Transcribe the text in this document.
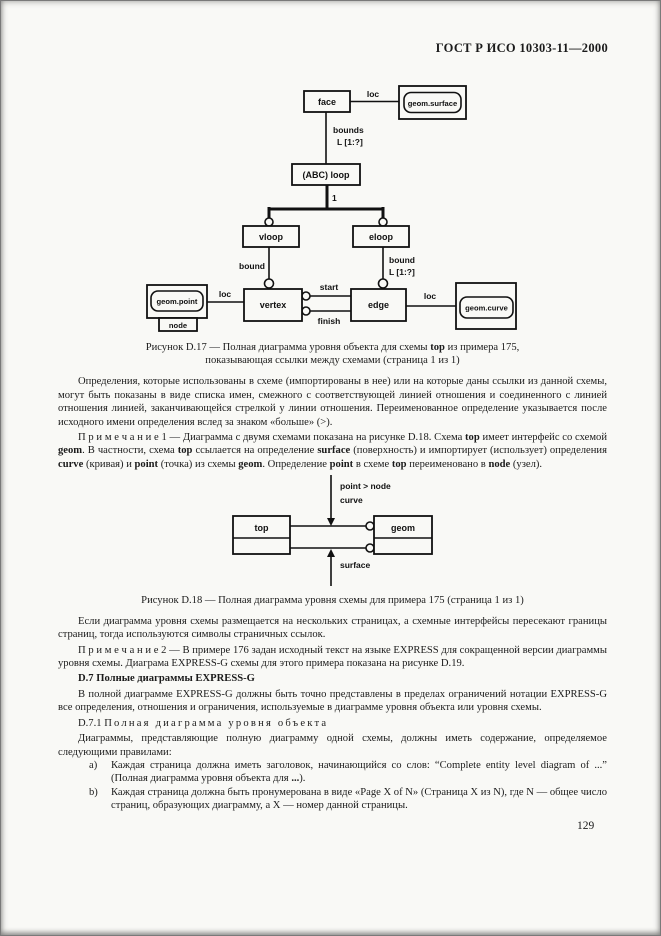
ГОСТ Р ИСО 10303-11—2000
face	geom.surface
(ABC) loop
vloop	eloop
geom.point
node
vertex	edge	geom.curve
loc
bounds
L [1:?]
1
bound
bound
L [1:?]
loc
start
finish
loc

Рисунок D.17 — Полная диаграмма уровня объекта для схемы top из примера 175,
показывающая ссылки между схемами (страница 1 из 1)

Определения, которые использованы в схеме (импортированы в нее) или на которые даны ссылки из данной схемы, могут быть показаны в виде списка имен, смежного с соответствующей линией отношения и соединенного с линией отношения линией, заканчивающейся стрелкой у линии отношения. Переименованное определение указывается после исходного имени определения вслед за знаком «больше» (>).

П р и м е ч а н и е 1 — Диаграмма с двумя схемами показана на рисунке D.18. Схема top имеет интерфейс со схемой geom. В частности, схема top ссылается на определение surface (поверхность) и импортирует (использует) определения curve (кривая) и point (точка) из схемы geom. Определение point в схеме top переименовано в node (узел).

top	geom
point > node
curve
surface

Рисунок D.18 — Полная диаграмма уровня схемы для примера 175 (страница 1 из 1)

Если диаграмма уровня схемы размещается на нескольких страницах, а схемные интерфейсы пересекают границы страниц, тогда используются символы страничных ссылок.

П р и м е ч а н и е 2 — В примере 176 задан исходный текст на языке EXPRESS для сокращенной версии диаграммы уровня схемы. Диаграма EXPRESS-G схемы для этого примера показана на рисунке D.19.

D.7 Полные диаграммы EXPRESS-G

В полной диаграмме EXPRESS-G должны быть точно представлены в пределах ограничений нотации EXPRESS-G все определения, отношения и ограничения, используемые в диаграмме уровня объекта или уровня схемы.

D.7.1 Полная диаграмма уровня объекта

Диаграммы, представляющие полную диаграмму одной схемы, должны иметь содержание, определяемое следующими правилами:

a) Каждая страница должна иметь заголовок, начинающийся со слов: “Complete entity level diagram of ...” (Полная диаграмма уровня объекта для ...).

b) Каждая страница должна быть пронумерована в виде «Page X of N» (Страница X из N), где N — общее число страниц, образующих диаграмму, а X — номер данной страницы.

129
